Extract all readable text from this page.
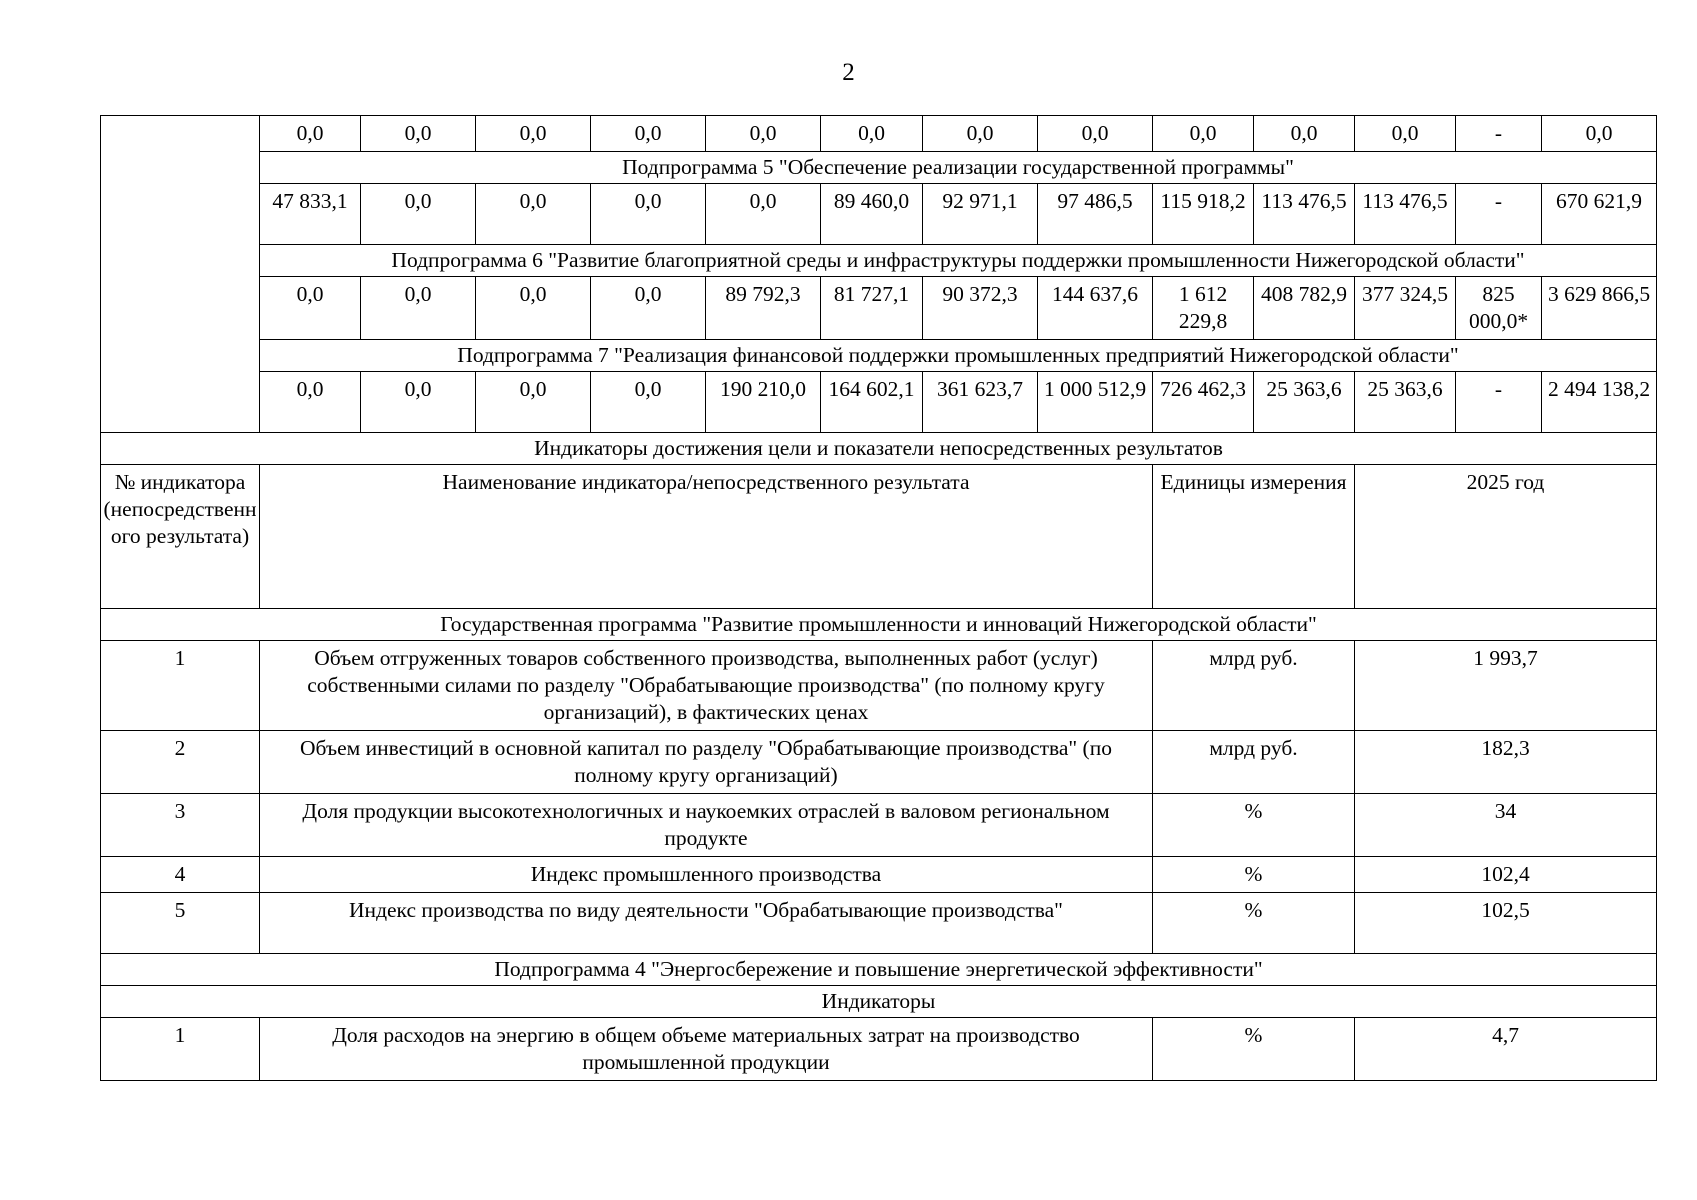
2
	0,0	0,0	0,0	0,0	0,0	0,0	0,0	0,0	0,0	0,0	0,0	-	0,0
	Подпрограмма 5 "Обеспечение реализации государственной программы"												
	47 833,1	0,0	0,0	0,0	0,0	89 460,0	92 971,1	97 486,5	115 918,2	113 476,5	113 476,5	-	670 621,9
	Подпрограмма 6 "Развитие благоприятной среды и инфраструктуры поддержки промышленности Нижегородской области"												
	0,0	0,0	0,0	0,0	89 792,3	81 727,1	90 372,3	144 637,6	1 612 229,8	408 782,9	377 324,5	825 000,0*	3 629 866,5
	Подпрограмма 7 "Реализация финансовой поддержки промышленных предприятий Нижегородской области"												
	0,0	0,0	0,0	0,0	190 210,0	164 602,1	361 623,7	1 000 512,9	726 462,3	25 363,6	25 363,6	-	2 494 138,2
Индикаторы достижения цели и показатели непосредственных результатов													
№ индикатора (непосредственного результата)	Наименование индикатора/непосредственного результата								Единицы измерения		2025 год		
Государственная программа "Развитие промышленности и инноваций Нижегородской области"													
1	Объем отгруженных товаров собственного производства, выполненных работ (услуг) собственными силами по разделу "Обрабатывающие производства" (по полному кругу организаций), в фактических ценах								млрд руб.		1 993,7		
2	Объем инвестиций в основной капитал по разделу "Обрабатывающие производства" (по полному кругу организаций)								млрд руб.		182,3		
3	Доля продукции высокотехнологичных и наукоемких отраслей в валовом региональном продукте								%		34		
4	Индекс промышленного производства								%		102,4		
5	Индекс производства по виду деятельности "Обрабатывающие производства"								%		102,5		
Подпрограмма 4 "Энергосбережение и повышение энергетической эффективности"													
Индикаторы													
1	Доля расходов на энергию в общем объеме материальных затрат на производство промышленной продукции								%		4,7		
